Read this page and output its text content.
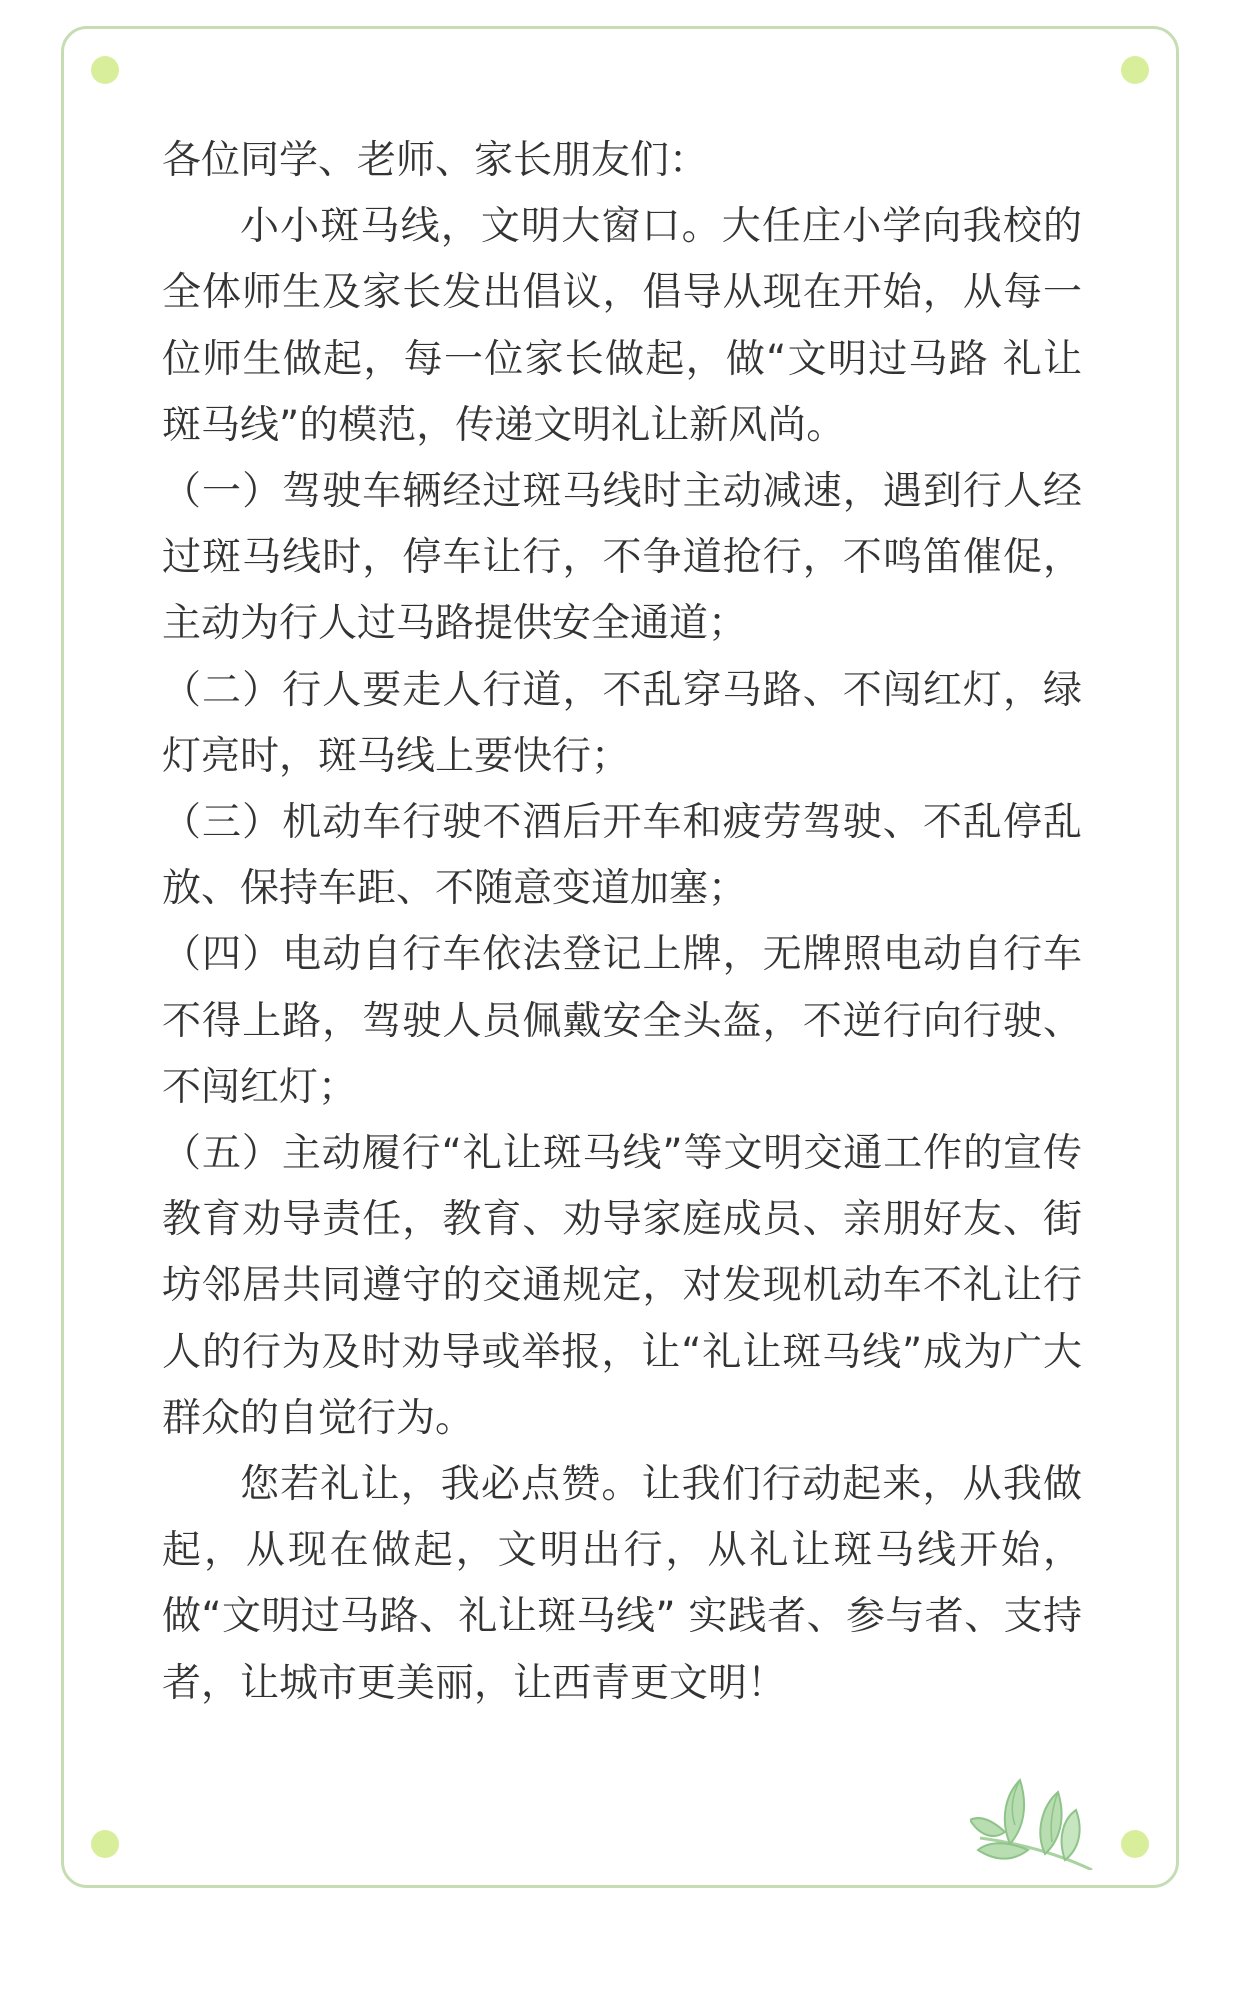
各位同学、老师、家长朋友们：

小小斑马线，文明大窗口。大任庄小学向我校的全体师生及家长发出倡议，倡导从现在开始，从每一位师生做起，每一位家长做起，做“文明过马路 礼让斑马线”的模范，传递文明礼让新风尚。

（一）驾驶车辆经过斑马线时主动减速，遇到行人经过斑马线时，停车让行，不争道抢行，不鸣笛催促，主动为行人过马路提供安全通道；

（二）行人要走人行道，不乱穿马路、不闯红灯，绿灯亮时，斑马线上要快行；

（三）机动车行驶不酒后开车和疲劳驾驶、不乱停乱放、保持车距、不随意变道加塞；

（四）电动自行车依法登记上牌，无牌照电动自行车不得上路，驾驶人员佩戴安全头盔，不逆行向行驶、不闯红灯；

（五）主动履行“礼让斑马线”等文明交通工作的宣传教育劝导责任，教育、劝导家庭成员、亲朋好友、街坊邻居共同遵守的交通规定，对发现机动车不礼让行人的行为及时劝导或举报，让“礼让斑马线”成为广大群众的自觉行为。

您若礼让，我必点赞。让我们行动起来，从我做起，从现在做起，文明出行，从礼让斑马线开始，做“文明过马路、礼让斑马线” 实践者、参与者、支持者，让城市更美丽，让西青更文明！
